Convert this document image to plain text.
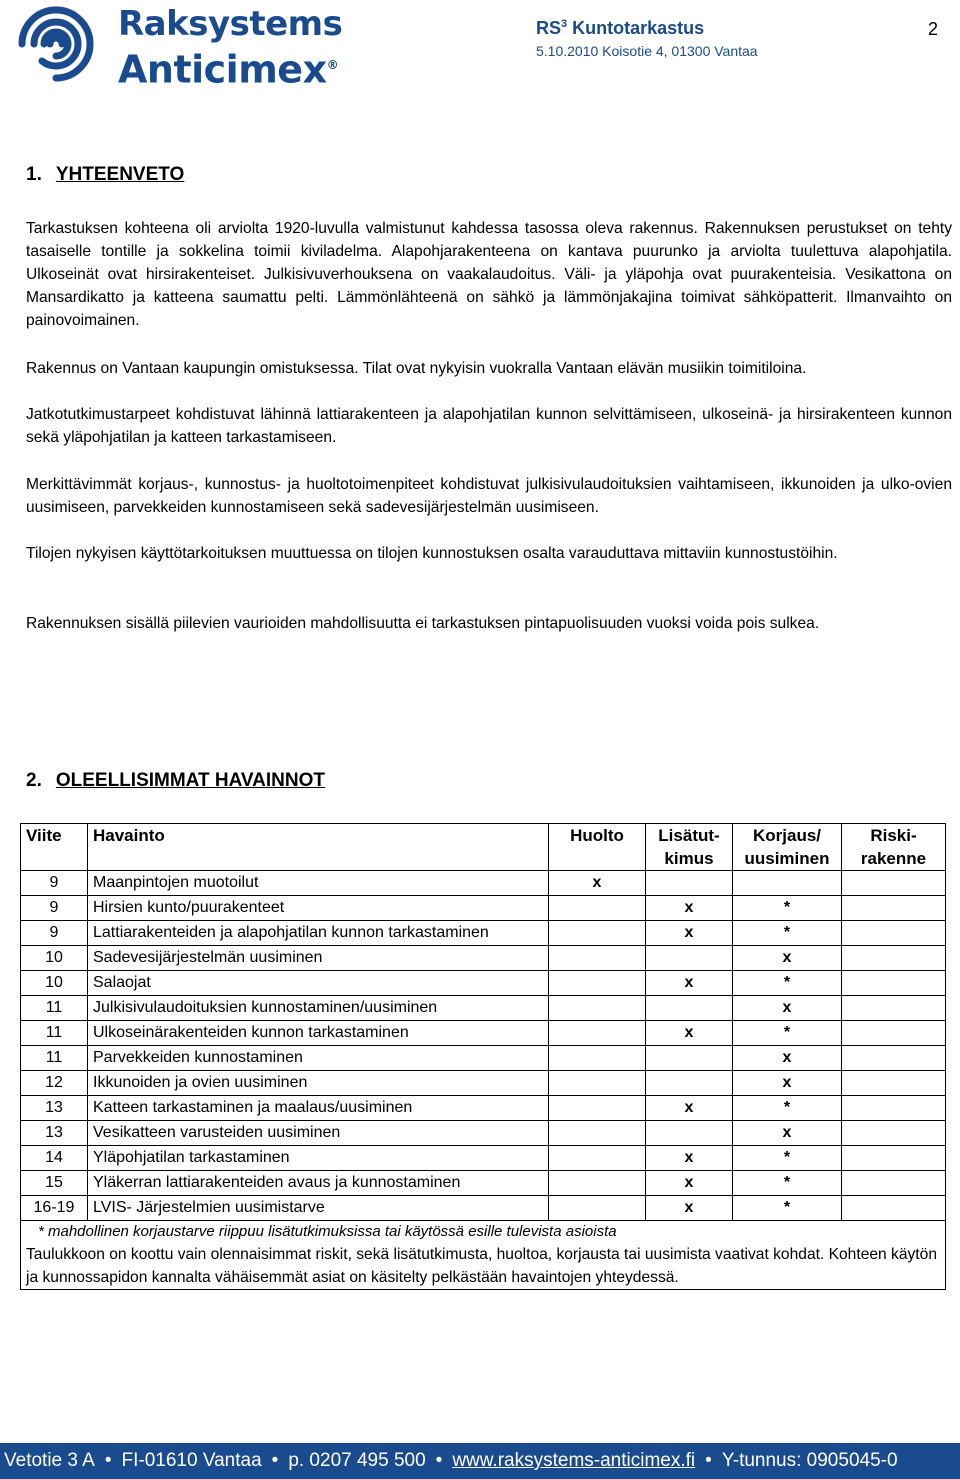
Raksystems
Anticimex®
$RS^3$ Kuntotarkastus
5.10.2010 Koisotie 4, 01300 Vantaa
2
1. YHTEENVETO
Tarkastuksen kohteena oli arviolta 1920-luvulla valmistunut kahdessa tasossa oleva rakennus. Rakennuksen perustukset on tehty tasaiselle tontille ja sokkelina toimii kiviladelma. Alapohjarakenteena on kantava puurunko ja arviolta tuulettuva alapohjatila. Ulkoseinät ovat hirsirakenteiset. Julkisivuverhouksena on vaakalaudoitus. Väli- ja yläpohja ovat puurakenteisia. Vesikattona on Mansardikatto ja katteena saumattu pelti. Lämmönlähteenä on sähkö ja lämmönjakajina toimivat sähköpatterit. Ilmanvaihto on painovoimainen.
Rakennus on Vantaan kaupungin omistuksessa. Tilat ovat nykyisin vuokralla Vantaan elävän musiikin toimitiloina.
Jatkotutkimustarpeet kohdistuvat lähinnä lattiarakenteen ja alapohjatilan kunnon selvittämiseen, ulkoseinä- ja hirsirakenteen kunnon sekä yläpohjatilan ja katteen tarkastamiseen.
Merkittävimmät korjaus-, kunnostus- ja huoltotoimenpiteet kohdistuvat julkisivulaudoituksien vaihtamiseen, ikkunoiden ja ulko-ovien uusimiseen, parvekkeiden kunnostamiseen sekä sadevesijärjestelmän uusimiseen.
Tilojen nykyisen käyttötarkoituksen muuttuessa on tilojen kunnostuksen osalta varauduttava mittaviin kunnostustöihin.
Rakennuksen sisällä piilevien vaurioiden mahdollisuutta ei tarkastuksen pintapuolisuuden vuoksi voida pois sulkea.
2. OLEELLISIMMAT HAVAINNOT
Viite	Havainto	Huolto	Lisätut-kimus	Korjaus/ uusiminen	Riski-rakenne
9	Maanpintojen muotoilut	x			
9	Hirsien kunto/puurakenteet		x	*	
9	Lattiarakenteiden ja alapohjatilan kunnon tarkastaminen		x	*	
10	Sadevesijärjestelmän uusiminen			x	
10	Salaojat		x	*	
11	Julkisivulaudoituksien kunnostaminen/uusiminen			x	
11	Ulkoseinärakenteiden kunnon tarkastaminen		x	*	
11	Parvekkeiden kunnostaminen			x	
12	Ikkunoiden ja ovien uusiminen			x	
13	Katteen tarkastaminen ja maalaus/uusiminen		x	*	
13	Vesikatteen varusteiden uusiminen			x	
14	Yläpohjatilan tarkastaminen		x	*	
15	Yläkerran lattiarakenteiden avaus ja kunnostaminen		x	*	
16-19	LVIS- Järjestelmien uusimistarve		x	*	

* mahdollinen korjaustarve riippuu lisätutkimuksissa tai käytössä esille tulevista asioista
Taulukkoon on koottu vain olennaisimmat riskit, sekä lisätutkimusta, huoltoa, korjausta tai uusimista vaativat kohdat. Kohteen käytön ja kunnossapidon kannalta vähäisemmät asiat on käsitelty pelkästään havaintojen yhteydessä.					
Vetotie 3 A • FI-01610 Vantaa • p. 0207 495 500 • www.raksystems-anticimex.fi • Y-tunnus: 0905045-0
